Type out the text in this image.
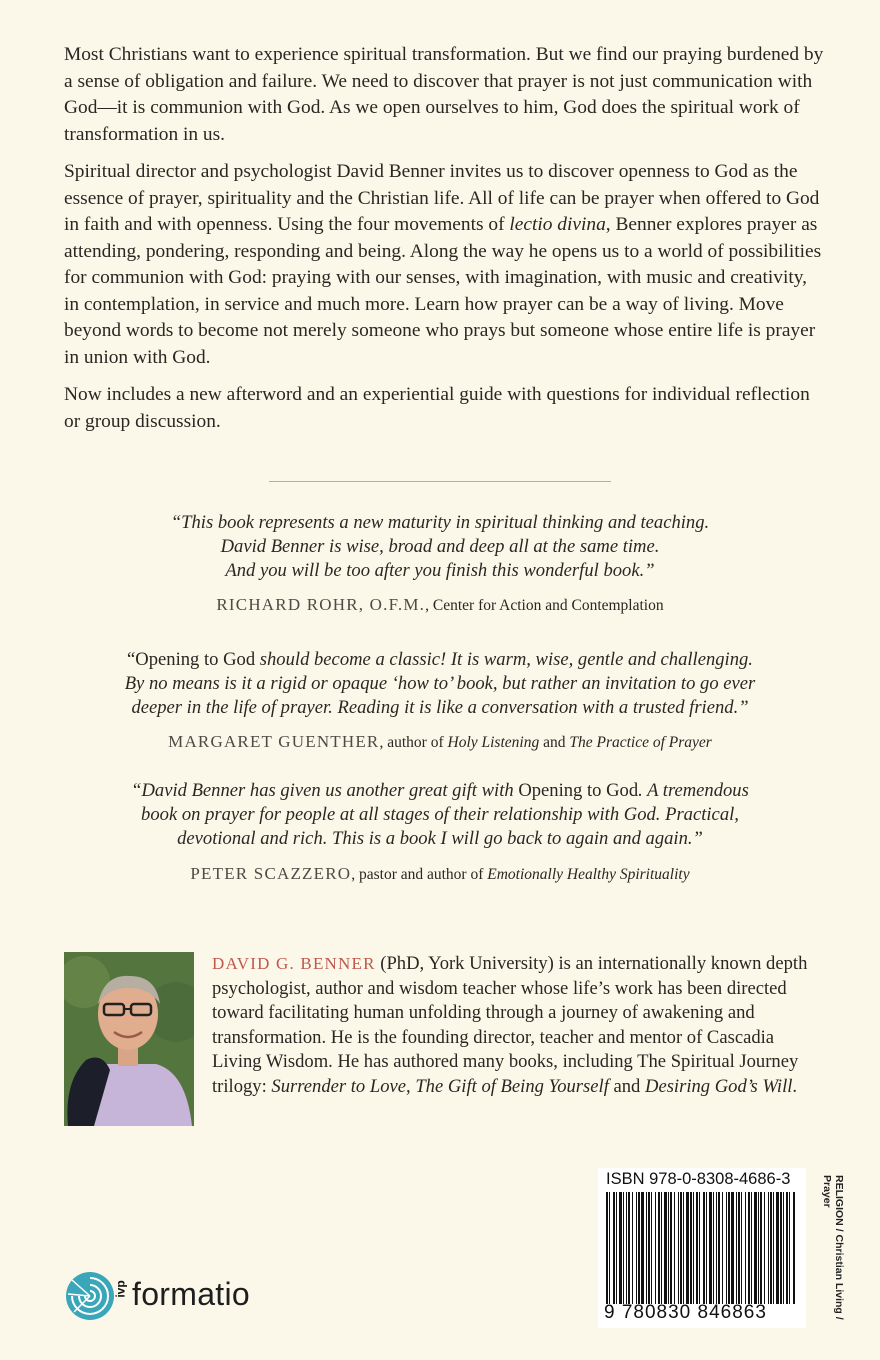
Most Christians want to experience spiritual transformation. But we find our praying burdened by a sense of obligation and failure. We need to discover that prayer is not just communication with God—it is communion with God. As we open ourselves to him, God does the spiritual work of transformation in us.

Spiritual director and psychologist David Benner invites us to discover openness to God as the essence of prayer, spirituality and the Christian life. All of life can be prayer when offered to God in faith and with openness. Using the four movements of lectio divina, Benner explores prayer as attending, pondering, responding and being. Along the way he opens us to a world of possibilities for communion with God: praying with our senses, with imagination, with music and creativity, in contemplation, in service and much more. Learn how prayer can be a way of living. Move beyond words to become not merely someone who prays but someone whose entire life is prayer in union with God.

Now includes a new afterword and an experiential guide with questions for individual reflection or group discussion.

“This book represents a new maturity in spiritual thinking and teaching.
David Benner is wise, broad and deep all at the same time.
And you will be too after you finish this wonderful book.”
RICHARD ROHR, O.F.M., Center for Action and Contemplation
“Opening to God should become a classic! It is warm, wise, gentle and challenging.
By no means is it a rigid or opaque ‘how to’ book, but rather an invitation to go ever
deeper in the life of prayer. Reading it is like a conversation with a trusted friend.”
MARGARET GUENTHER, author of Holy Listening and The Practice of Prayer
“David Benner has given us another great gift with Opening to God. A tremendous
book on prayer for people at all stages of their relationship with God. Practical,
devotional and rich. This is a book I will go back to again and again.”
PETER SCAZZERO, pastor and author of Emotionally Healthy Spirituality
DAVID G. BENNER (PhD, York University) is an internationally known depth psychologist, author and wisdom teacher whose life’s work has been directed toward facilitating human unfolding through a journey of awakening and transformation. He is the founding director, teacher and mentor of Cascadia Living Wisdom. He has authored many books, including The Spiritual Journey trilogy: Surrender to Love, The Gift of Being Yourself and Desiring God’s Will.
ISBN 978-0-8308-4686-3
9 780830 846863	RELIGION / Christian Living /
Prayer
ivp formatio
